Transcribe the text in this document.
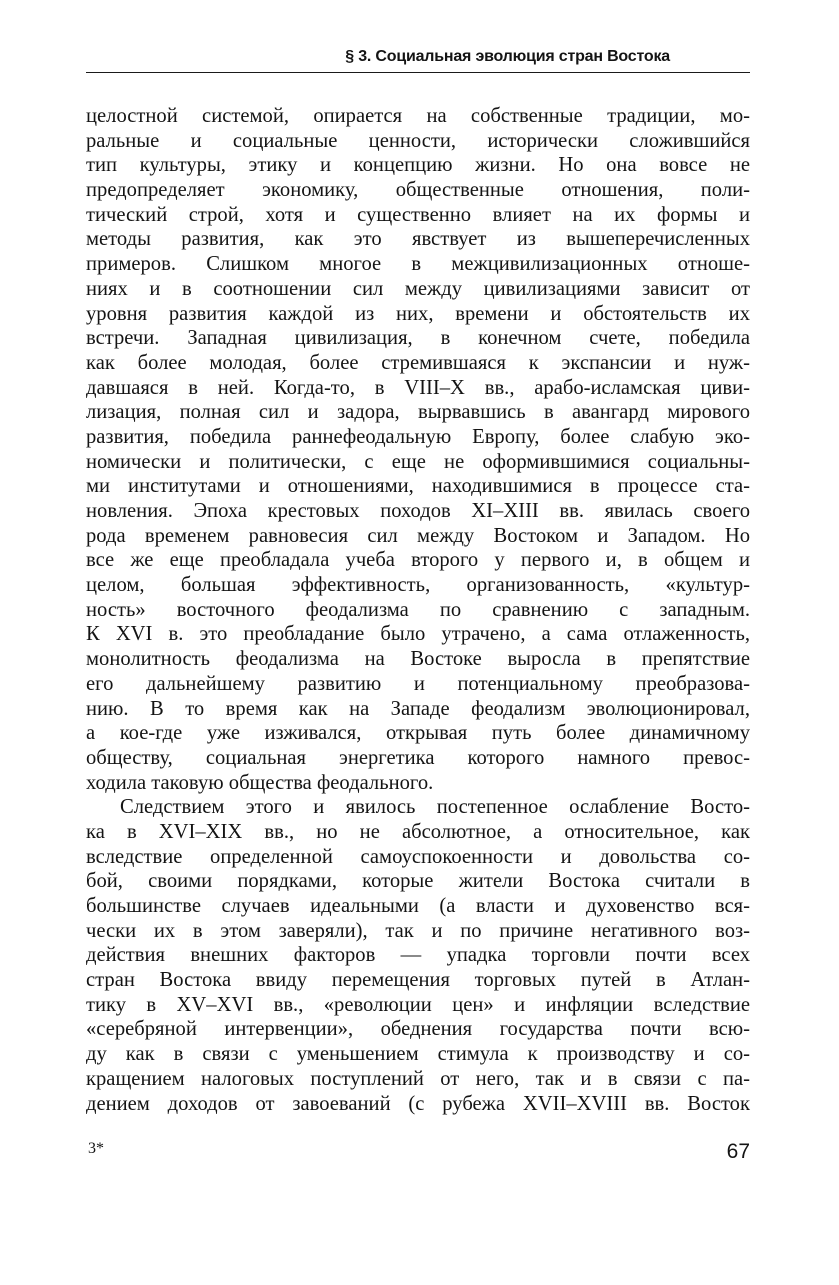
§ 3. Социальная эволюция стран Востока
целостной системой, опирается на собственные традиции, мо-
ральные и социальные ценности, исторически сложившийся
тип культуры, этику и концепцию жизни. Но она вовсе не
предопределяет экономику, общественные отношения, поли-
тический строй, хотя и существенно влияет на их формы и
методы развития, как это явствует из вышеперечисленных
примеров. Слишком многое в межцивилизационных отноше-
ниях и в соотношении сил между цивилизациями зависит от
уровня развития каждой из них, времени и обстоятельств их
встречи. Западная цивилизация, в конечном счете, победила
как более молодая, более стремившаяся к экспансии и нуж-
давшаяся в ней. Когда-то, в VIII–X вв., арабо-исламская циви-
лизация, полная сил и задора, вырвавшись в авангард мирового
развития, победила раннефеодальную Европу, более слабую эко-
номически и политически, с еще не оформившимися социальны-
ми институтами и отношениями, находившимися в процессе ста-
новления. Эпоха крестовых походов XI–XIII вв. явилась своего
рода временем равновесия сил между Востоком и Западом. Но
все же еще преобладала учеба второго у первого и, в общем и
целом, большая эффективность, организованность, «культур-
ность» восточного феодализма по сравнению с западным.
К XVI в. это преобладание было утрачено, а сама отлаженность,
монолитность феодализма на Востоке выросла в препятствие
его дальнейшему развитию и потенциальному преобразова-
нию. В то время как на Западе феодализм эволюционировал,
а кое-где уже изживался, открывая путь более динамичному
обществу, социальная энергетика которого намного превос-
ходила таковую общества феодального.
Следствием этого и явилось постепенное ослабление Восто-
ка в XVI–XIX вв., но не абсолютное, а относительное, как
вследствие определенной самоуспокоенности и довольства со-
бой, своими порядками, которые жители Востока считали в
большинстве случаев идеальными (а власти и духовенство вся-
чески их в этом заверяли), так и по причине негативного воз-
действия внешних факторов — упадка торговли почти всех
стран Востока ввиду перемещения торговых путей в Атлан-
тику в XV–XVI вв., «революции цен» и инфляции вследствие
«серебряной интервенции», обеднения государства почти всю-
ду как в связи с уменьшением стимула к производству и со-
кращением налоговых поступлений от него, так и в связи с па-
дением доходов от завоеваний (с рубежа XVII–XVIII вв. Восток
3*	67
